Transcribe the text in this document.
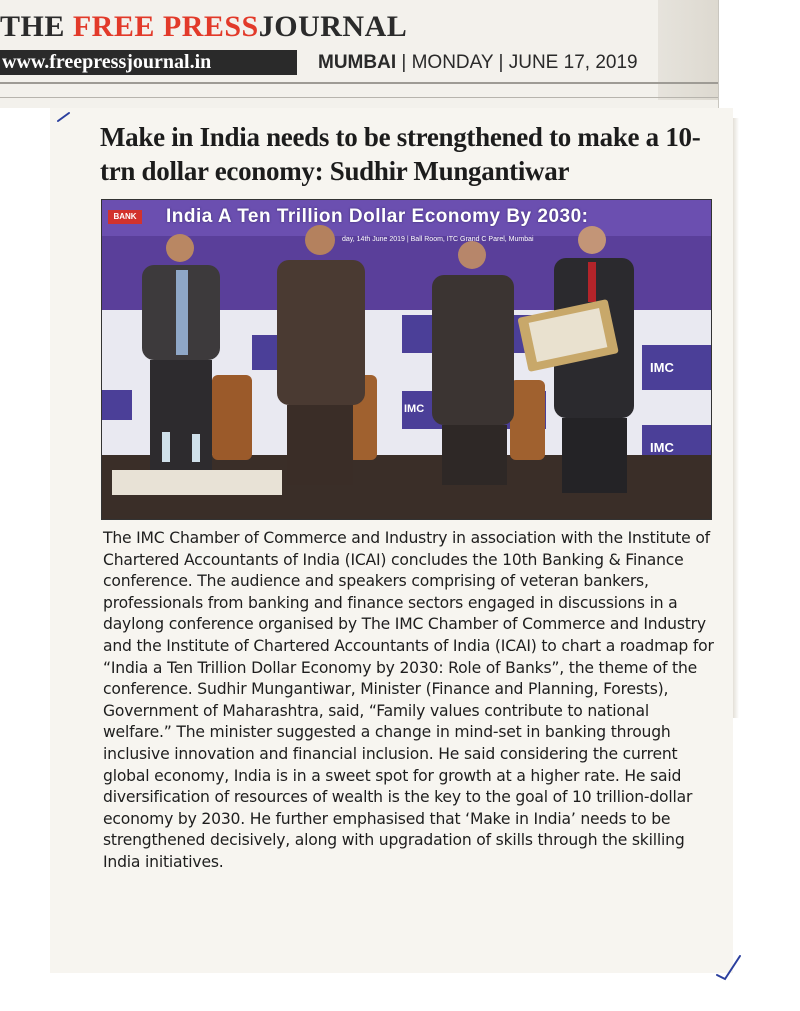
THE FREE PRESSJOURNAL
www.freepressjournal.in	MUMBAI | MONDAY | JUNE 17, 2019
Make in India needs to be strengthened to make a 10-trn dollar economy: Sudhir Mungantiwar
IMC
IMC
IMC
BANK India A Ten Trillion Dollar Economy By 2030:
day, 14th June 2019 | Ball Room, ITC Grand C Parel, Mumbai

The IMC Chamber of Commerce and Industry in association with the Institute of Chartered Accountants of India (ICAI) concludes the 10th Banking & Finance conference. The audience and speakers comprising of veteran bankers, professionals from banking and finance sectors engaged in discussions in a daylong conference organised by The IMC Chamber of Commerce and Industry and the Institute of Chartered Accountants of India (ICAI) to chart a roadmap for “India a Ten Trillion Dollar Economy by 2030: Role of Banks”, the theme of the conference. Sudhir Mungantiwar, Minister (Finance and Planning, Forests), Government of Maharashtra, said, “Family values contribute to national welfare.” The minister suggested a change in mind-set in banking through inclusive innovation and financial inclusion. He said considering the current global economy, India is in a sweet spot for growth at a higher rate. He said diversification of resources of wealth is the key to the goal of 10 trillion-dollar economy by 2030. He further emphasised that ‘Make in India’ needs to be strengthened decisively, along with upgradation of skills through the skilling India initiatives.
